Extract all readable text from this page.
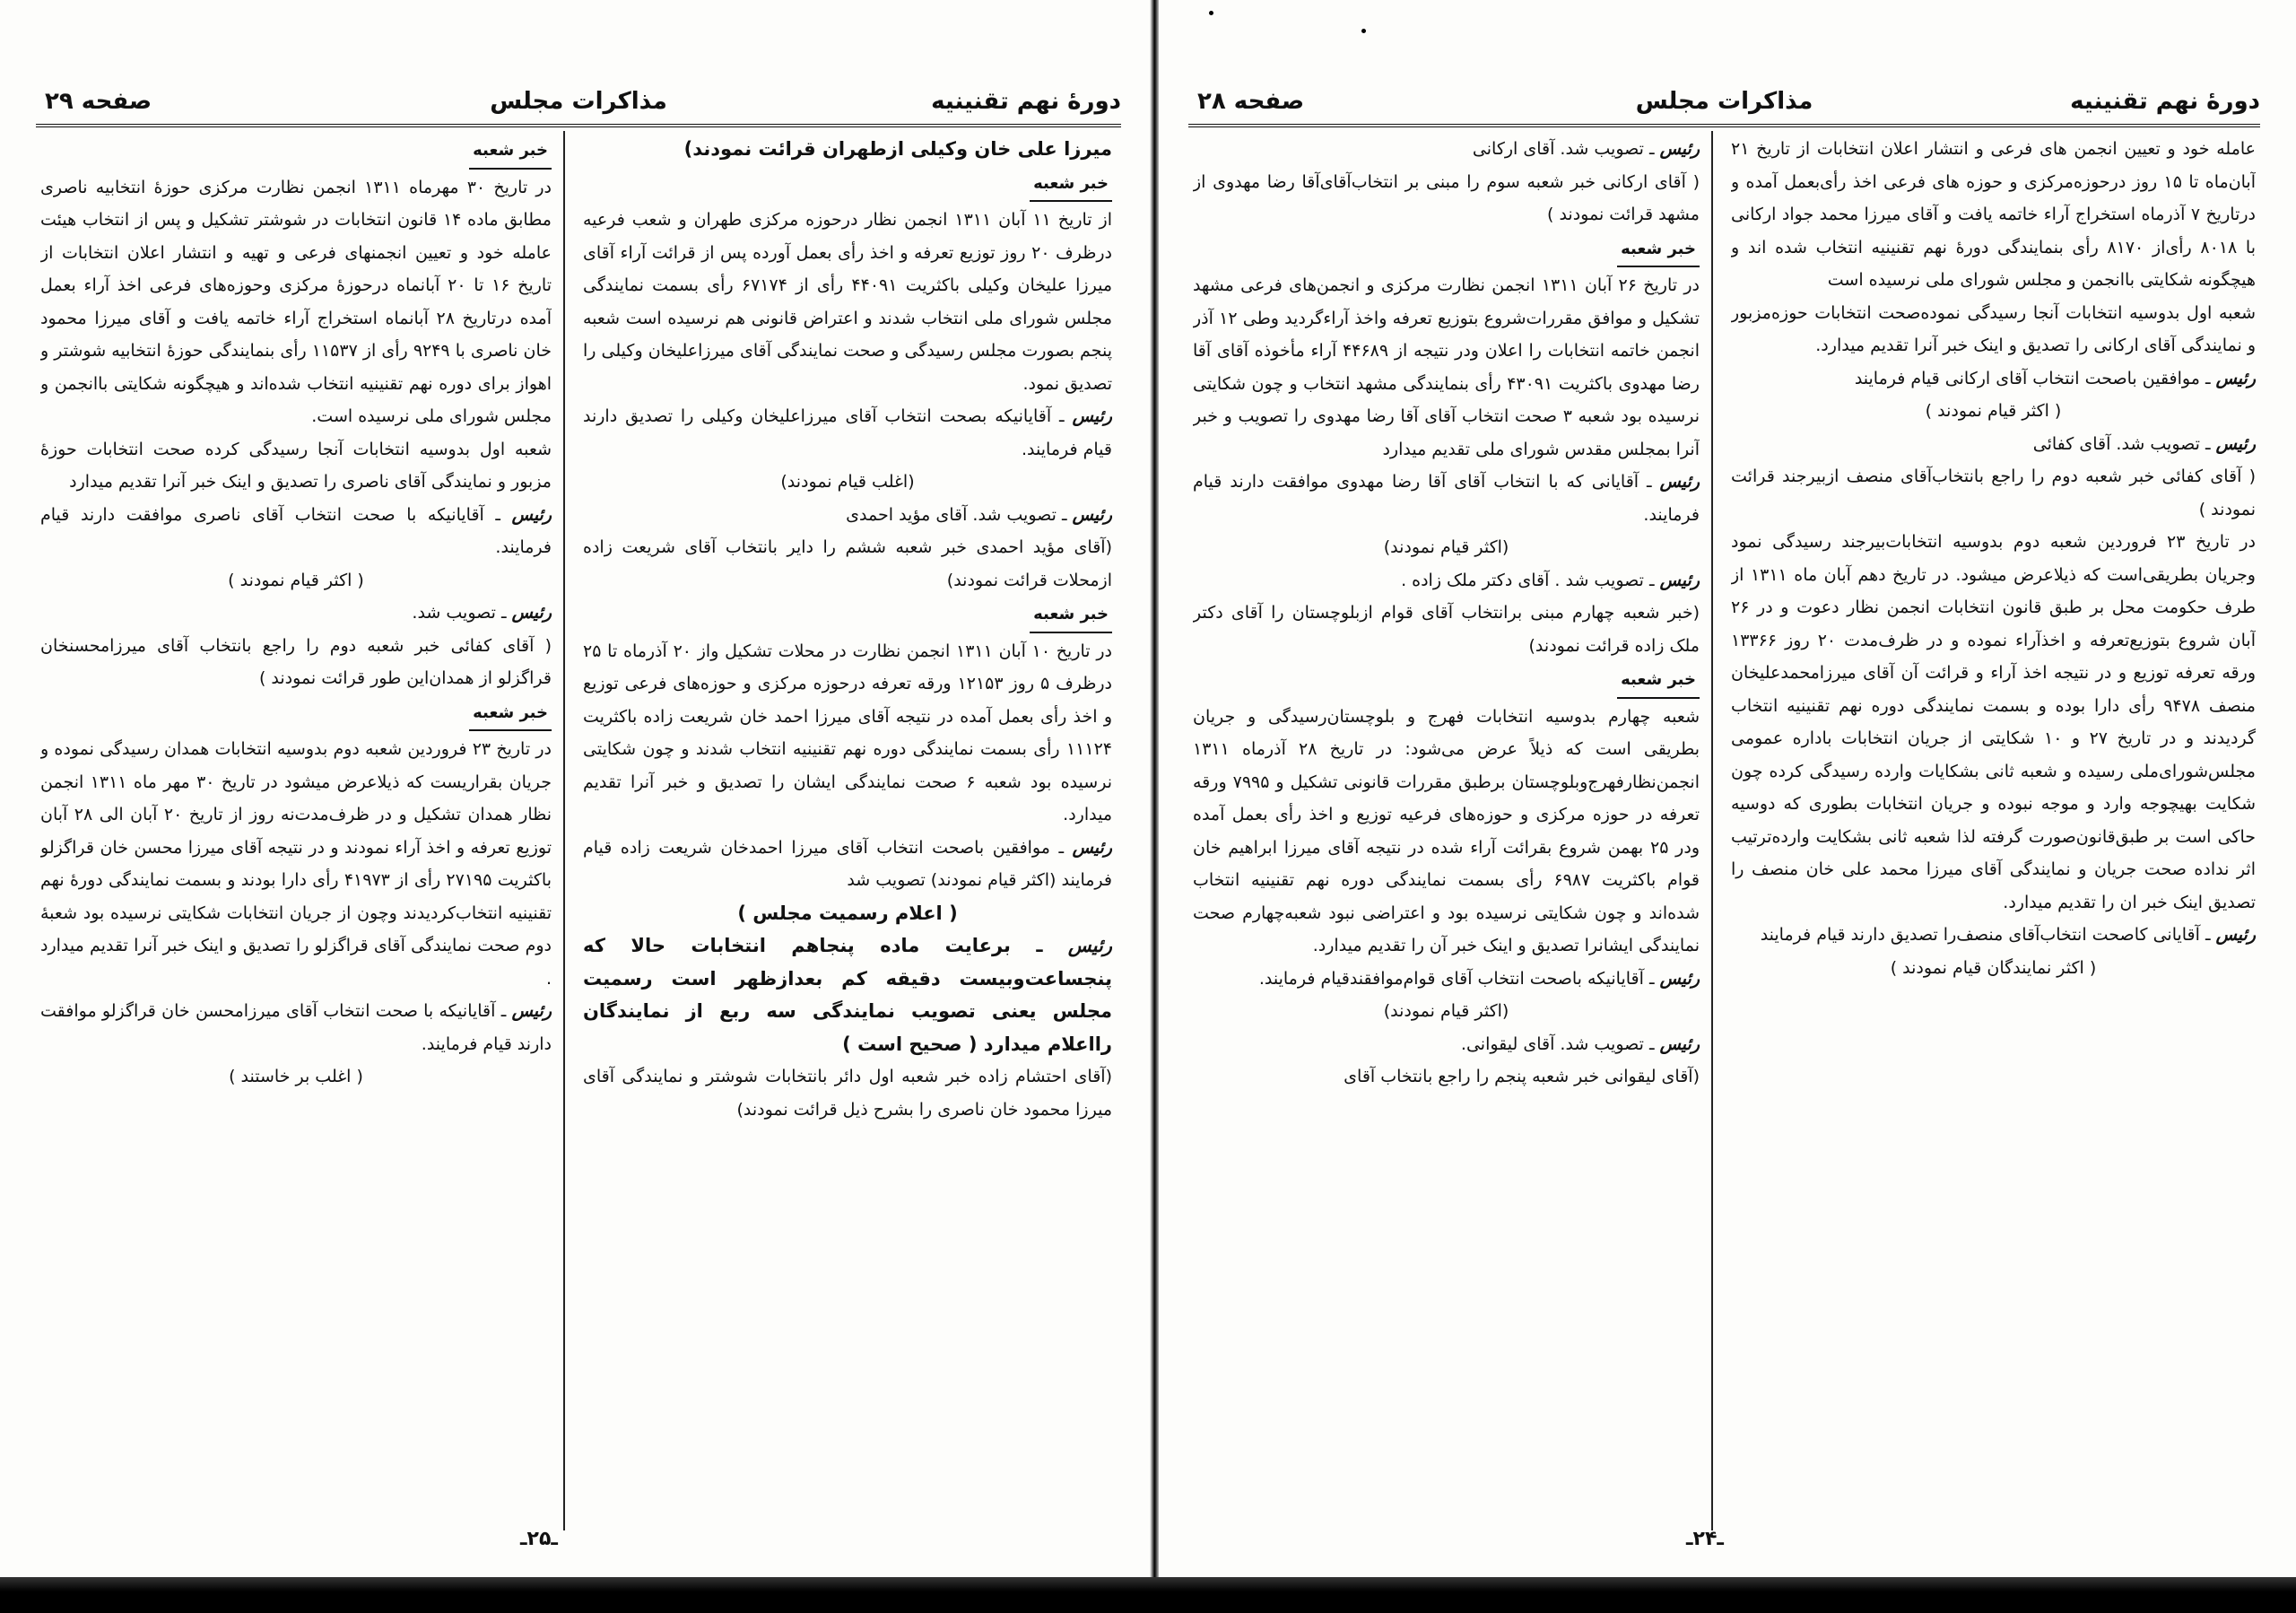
دورهٔ نهم تقنینیه
مذاکرات مجلس
صفحه ۲۹

میرزا علی خان وکیلی ازطهران قرائت نمودند)

خبر شعبه

از تاریخ ۱۱ آبان ۱۳۱۱ انجمن نظار درحوزه مرکزی طهران و شعب فرعیه درظرف ۲۰ روز توزیع تعرفه و اخذ رأی بعمل آورده پس از قرائت آراء آقای میرزا علیخان وکیلی باکثریت ۴۴۰۹۱ رأی از ۶۷۱۷۴ رأی بسمت نمایندگی مجلس شورای ملی انتخاب شدند و اعتراض قانونی هم نرسیده است شعبه پنجم بصورت مجلس رسیدگی و صحت نمایندگی آقای میرزاعلیخان وکیلی را تصدیق نمود.

رئیس ـ آقایانیکه بصحت انتخاب آقای میرزاعلیخان وکیلی را تصدیق دارند قیام فرمایند.

(اغلب قیام نمودند)

رئیس ـ تصویب شد. آقای مؤید احمدی

(آقای مؤید احمدی خبر شعبه ششم را دایر بانتخاب آقای شریعت زاده ازمحلات قرائت نمودند)

خبر شعبه

در تاریخ ۱۰ آبان ۱۳۱۱ انجمن نظارت در محلات تشکیل واز ۲۰ آذرماه تا ۲۵ درظرف ۵ روز ۱۲۱۵۳ ورقه تعرفه درحوزه مرکزی و حوزه‌های فرعی توزیع و اخذ رأی بعمل آمده در نتیجه آقای میرزا احمد خان شریعت زاده باکثریت ۱۱۱۲۴ رأی بسمت نمایندگی دوره نهم تقنینیه انتخاب شدند و چون شکایتی نرسیده بود شعبه ۶ صحت نمایندگی ایشان را تصدیق و خبر آنرا تقدیم میدارد.

رئیس ـ موافقین باصحت انتخاب آقای میرزا احمدخان شریعت زاده قیام فرمایند (اکثر قیام نمودند) تصویب شد

( اعلام رسمیت مجلس )

رئیس ـ برعایت ماده پنجاهم انتخابات حالا که پنجساعت‌وبیست دقیقه کم بعدازظهر است رسمیت مجلس یعنی تصویب نمایندگی سه ربع از نمایندگان رااعلام میدارد ( صحیح است )

(آقای احتشام زاده خبر شعبه اول دائر بانتخابات شوشتر و نمایندگی آقای میرزا محمود خان ناصری را بشرح ذیل قرائت نمودند)

خبر شعبه

در تاریخ ۳۰ مهرماه ۱۳۱۱ انجمن نظارت مرکزی حوزهٔ انتخابیه ناصری مطابق ماده ۱۴ قانون انتخابات در شوشتر تشکیل و پس از انتخاب هیئت عامله خود و تعیین انجمنهای فرعی و تهیه و انتشار اعلان انتخابات از تاریخ ۱۶ تا ۲۰ آبانماه درحوزهٔ مرکزی وحوزه‌های فرعی اخذ آراء بعمل آمده درتاریخ ۲۸ آبانماه استخراج آراء خاتمه یافت و آقای میرزا محمود خان ناصری با ۹۲۴۹ رأی از ۱۱۵۳۷ رأی بنمایندگی حوزهٔ انتخابیه شوشتر و اهواز برای دوره نهم تقنینیه انتخاب شده‌اند و هیچگونه شکایتی باانجمن و مجلس شورای ملی نرسیده است.

شعبه اول بدوسیه انتخابات آنجا رسیدگی کرده صحت انتخابات حوزهٔ مزبور و نمایندگی آقای ناصری را تصدیق و اینک خبر آنرا تقدیم میدارد

رئیس ـ آقایانیکه با صحت انتخاب آقای ناصری موافقت دارند قیام فرمایند.

( اکثر قیام نمودند )

رئیس ـ تصویب شد.

( آقای کفائی خبر شعبه دوم را راجع بانتخاب آقای میرزامحسنخان قراگزلو از همدان‌این طور قرائت نمودند )

خبر شعبه

در تاریخ ۲۳ فروردین شعبه دوم بدوسیه انتخابات همدان رسیدگی نموده و جریان بقراریست که ذیلاعرض میشود در تاریخ ۳۰ مهر ماه ۱۳۱۱ انجمن نظار همدان تشکیل و در ظرف‌مدت‌نه روز از تاریخ ۲۰ آبان الی ۲۸ آبان توزیع تعرفه و اخذ آراء نمودند و در نتیجه آقای میرزا محسن خان قراگزلو باکثریت ۲۷۱۹۵ رأی از ۴۱۹۷۳ رأی دارا بودند و بسمت نمایندگی دورهٔ نهم تقنینیه انتخاب‌کردیدند وچون از جریان انتخابات شکایتی نرسیده بود شعبهٔ دوم صحت نمایندگی آقای قراگزلو را تصدیق و اینک خبر آنرا تقدیم میدارد .

رئیس ـ آقایانیکه با صحت انتخاب آقای میرزامحسن خان قراگزلو موافقت دارند قیام فرمایند.

( اغلب بر خاستند )

ـ۲۵ـ
دورهٔ نهم تقنینیه
مذاکرات مجلس
صفحه ۲۸

عامله خود و تعیین انجمن های فرعی و انتشار اعلان انتخابات از تاریخ ۲۱ آبان‌ماه تا ۱۵ روز درحوزه‌مرکزی و حوزه های فرعی اخذ رأی‌بعمل آمده و درتاریخ ۷ آذرماه استخراج آراء خاتمه یافت و آقای میرزا محمد جواد ارکانی با ۸۰۱۸ رأی‌از ۸۱۷۰ رأی بنمایندگی دورهٔ نهم تقنینیه انتخاب شده اند و هیچگونه شکایتی باانجمن و مجلس شورای ملی نرسیده است

شعبه اول بدوسیه انتخابات آنجا رسیدگی نموده‌صحت انتخابات حوزه‌مزبور و نمایندگی آقای ارکانی را تصدیق و اینک خبر آنرا تقدیم میدارد.

رئیس ـ موافقین باصحت انتخاب آقای ارکانی قیام فرمایند

( اکثر قیام نمودند )

رئیس ـ تصویب شد. آقای کفائی

( آقای کفائی خبر شعبه دوم را راجع بانتخاب‌آقای منصف ازبیرجند قرائت نمودند )

در تاریخ ۲۳ فروردین شعبه دوم بدوسیه انتخابات‌بیرجند رسیدگی نمود وجریان بطریقی‌است که ذیلاعرض میشود. در تاریخ دهم آبان ماه ۱۳۱۱ از طرف حکومت محل بر طبق قانون انتخابات انجمن نظار دعوت و در ۲۶ آبان شروع بتوزیع‌تعرفه و اخذآراء نموده و در ظرف‌مدت ۲۰ روز ۱۳۳۶۶ ورقه تعرفه توزیع و در نتیجه اخذ آراء و قرائت آن آقای میرزامحمدعلیخان منصف ۹۴۷۸ رأی دارا بوده و بسمت نمایندگی دوره نهم تقنینیه انتخاب گردیدند و در تاریخ ۲۷ و ۱۰ شکایتی از جریان انتخابات باداره عمومی مجلس‌شورای‌ملی رسیده و شعبه ثانی بشکایات وارده رسیدگی کرده چون شکایت بهیچوجه وارد و موجه نبوده و جریان انتخابات بطوری که دوسیه حاکی است بر طبق‌قانون‌صورت گرفته لذا شعبه ثانی بشکایت وارده‌ترتیب اثر نداده صحت جریان و نمایندگی آقای میرزا محمد علی خان منصف را تصدیق اینک خبر ان را تقدیم میدارد.

رئیس ـ آقایانی کاصحت انتخاب‌آقای منصف‌را تصدیق دارند قیام فرمایند

( اکثر نمایندگان قیام نمودند )

رئیس ـ تصویب شد. آقای ارکانی

( آقای ارکانی خبر شعبه سوم را مبنی بر انتخاب‌آقای‌آقا رضا مهدوی از مشهد قرائت نمودند )

خبر شعبه

در تاریخ ۲۶ آبان ۱۳۱۱ انجمن نظارت مرکزی و انجمن‌های فرعی مشهد تشکیل و موافق مقررات‌شروع بتوزیع تعرفه واخذ آراءگردید وطی ۱۲ آذر انجمن خاتمه انتخابات را اعلان ودر نتیجه از ۴۴۶۸۹ آراء مأخوذه آقای آقا رضا مهدوی باکثریت ۴۳۰۹۱ رأی بنمایندگی مشهد انتخاب و چون شکایتی نرسیده بود شعبه ۳ صحت انتخاب آقای آقا رضا مهدوی را تصویب و خبر آنرا بمجلس مقدس شورای ملی تقدیم میدارد

رئیس ـ آقایانی که با انتخاب آقای آقا رضا مهدوی موافقت دارند قیام فرمایند.

(اکثر قیام نمودند)

رئیس ـ تصویب شد . آقای دکتر ملک زاده .

(خبر شعبه چهارم مبنی برانتخاب آقای قوام ازبلوچستان را آقای دکتر ملک زاده قرائت نمودند)

خبر شعبه

شعبه چهارم بدوسیه انتخابات فهرج و بلوچستان‌رسیدگی و جریان بطریقی است که ذیلاً عرض می‌شود: در تاریخ ۲۸ آذرماه ۱۳۱۱ انجمن‌نظارفهرج‌وبلوچستان برطبق مقررات قانونی تشکیل و ۷۹۹۵ ورقه تعرفه در حوزه مرکزی و حوزه‌های فرعیه توزیع و اخذ رأی بعمل آمده ودر ۲۵ بهمن شروع بقرائت آراء شده در نتیجه آقای میرزا ابراهیم خان قوام باکثریت ۶۹۸۷ رأی بسمت نمایندگی دوره نهم تقنینیه انتخاب شده‌اند و چون شکایتی نرسیده بود و اعتراضی نبود شعبه‌چهارم صحت نمایندگی ایشانرا تصدیق و اینک خبر آن را تقدیم میدارد.

رئیس ـ آقایانیکه باصحت انتخاب آقای قوام‌موافقندقیام فرمایند.

(اکثر قیام نمودند)

رئیس ـ تصویب شد. آقای لیقوانی.

(آقای لیقوانی خبر شعبه پنجم را راجع بانتخاب آقای

ـ۲۴ـ
